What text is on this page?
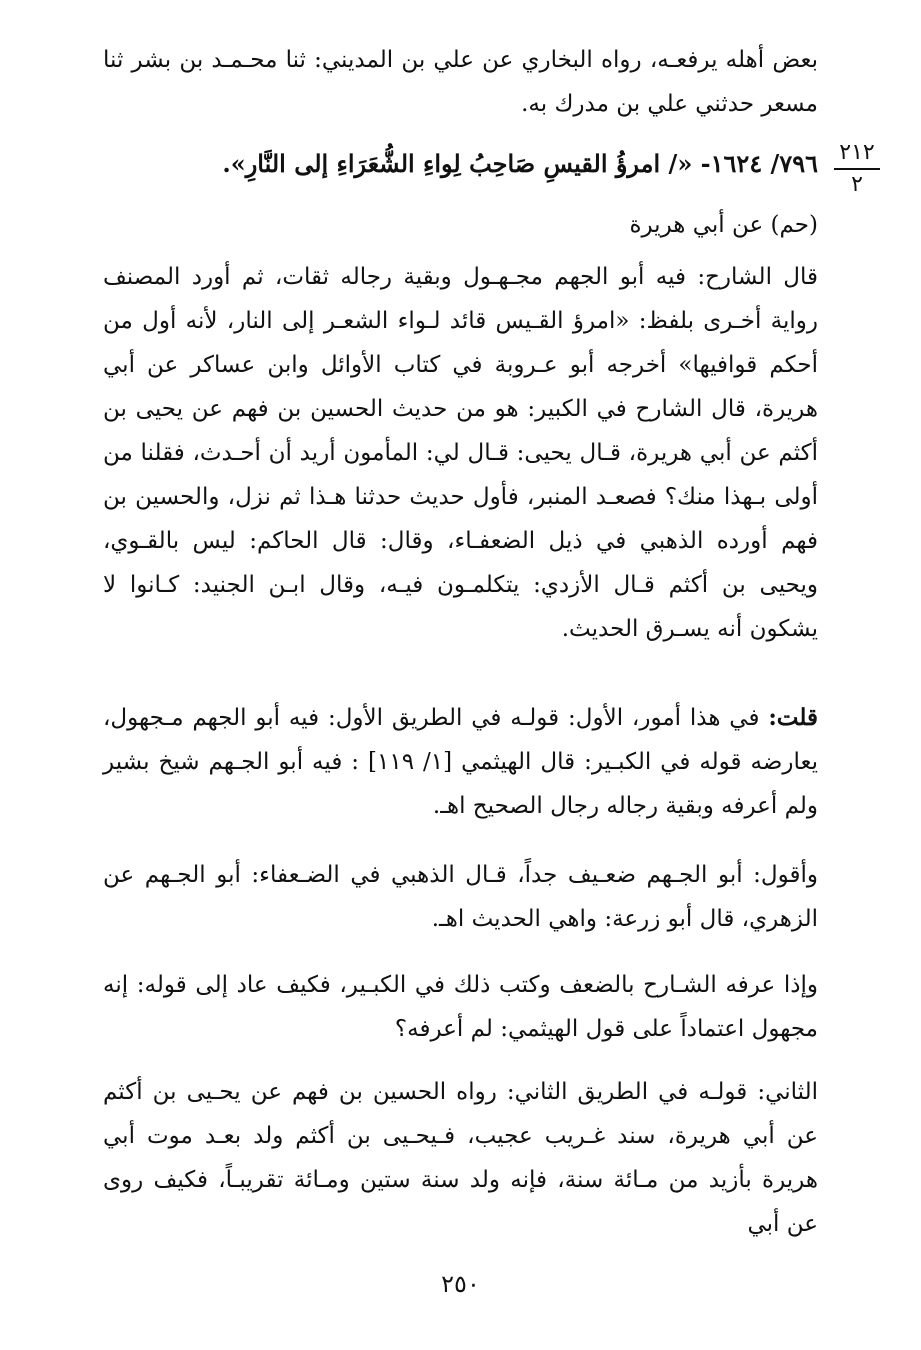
بعض أهله يرفعـه، رواه البخاري عن علي بن المديني: ثنا محـمـد بن بشر ثنا مسعر حدثني علي بن مدرك به.

٢١٢
٢
٧٩٦/ ١٦٢٤- «/ امرؤُ القيسِ صَاحِبُ لِواءِ الشُّعَرَاءِ إلى النَّارِ».
(حم) عن أبي هريرة

قال الشارح: فيه أبو الجهم مجـهـول وبقية رجاله ثقات، ثم أورد المصنف رواية أخـرى بلفظ: «امرؤ القـيس قائد لـواء الشعـر إلى النار، لأنه أول من أحكم قوافيها» أخرجه أبو عـروبة في كتاب الأوائل وابن عساكر عن أبي هريرة، قال الشارح في الكبير: هو من حديث الحسين بن فهم عن يحيى بن أكثم عن أبي هريرة، قـال يحيى: قـال لي: المأمون أريد أن أحـدث، فقلنا من أولى بـهذا منك؟ فصعـد المنبر، فأول حديث حدثنا هـذا ثم نزل، والحسين بن فهم أورده الذهبي في ذيل الضعفـاء، وقال: قال الحاكم: ليس بالقـوي، ويحيى بن أكثم قـال الأزدي: يتكلمـون فيـه، وقال ابـن الجنيد: كـانوا لا يشكون أنه يسـرق الحديث.

قلت: في هذا أمور، الأول: قولـه في الطريق الأول: فيه أبو الجهم مـجهول، يعارضه قوله في الكبـير: قال الهيثمي [١/ ١١٩] : فيه أبو الجـهم شيخ بشير ولم أعرفه وبقية رجاله رجال الصحيح اهـ.

وأقول: أبو الجـهم ضعـيف جداً، قـال الذهبي في الضـعفاء: أبو الجـهم عن الزهري، قال أبو زرعة: واهي الحديث اهـ.

وإذا عرفه الشـارح بالضعف وكتب ذلك في الكبـير، فكيف عاد إلى قوله: إنه مجهول اعتماداً على قول الهيثمي: لم أعرفه؟

الثاني: قولـه في الطريق الثاني: رواه الحسين بن فهم عن يحـيى بن أكثم عن أبي هريرة، سند غـريب عجيب، فـيحـيى بن أكثم ولد بعـد موت أبي هريرة بأزيد من مـائة سنة، فإنه ولد سنة ستين ومـائة تقريبـاً، فكيف روى عن أبي

٢٥٠
